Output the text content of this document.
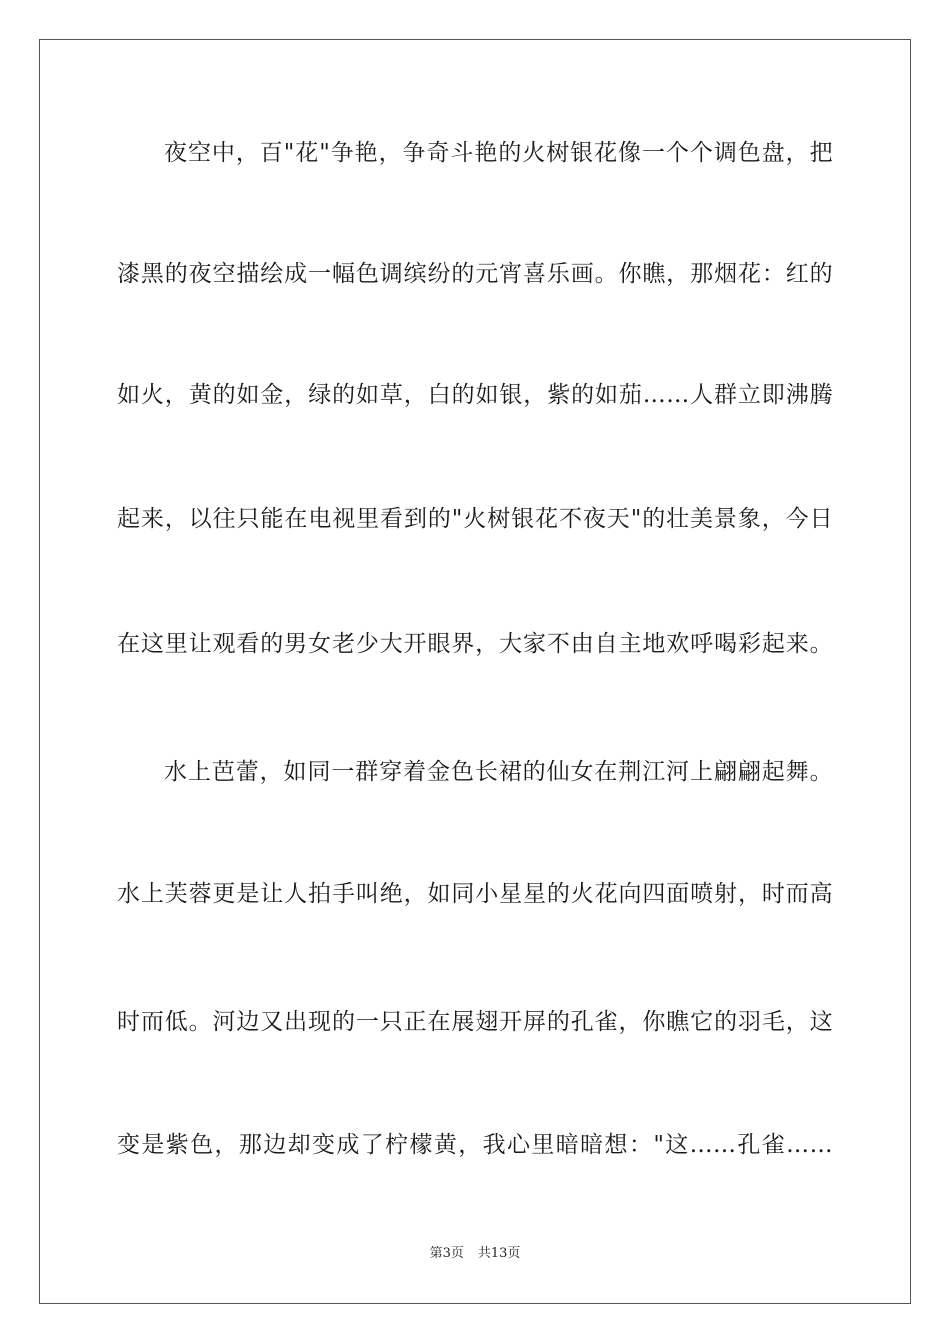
夜空中，百"花"争艳，争奇斗艳的火树银花像一个个调色盘，把
漆黑的夜空描绘成一幅色调缤纷的元宵喜乐画。你瞧，那烟花：红的
如火，黄的如金，绿的如草，白的如银，紫的如茄……人群立即沸腾
起来，以往只能在电视里看到的"火树银花不夜天"的壮美景象，今日
在这里让观看的男女老少大开眼界，大家不由自主地欢呼喝彩起来。
水上芭蕾，如同一群穿着金色长裙的仙女在荆江河上翩翩起舞。
水上芙蓉更是让人拍手叫绝，如同小星星的火花向四面喷射，时而高
时而低。河边又出现的一只正在展翅开屏的孔雀，你瞧它的羽毛，这
变是紫色，那边却变成了柠檬黄，我心里暗暗想："这……孔雀……
第3页 共13页
